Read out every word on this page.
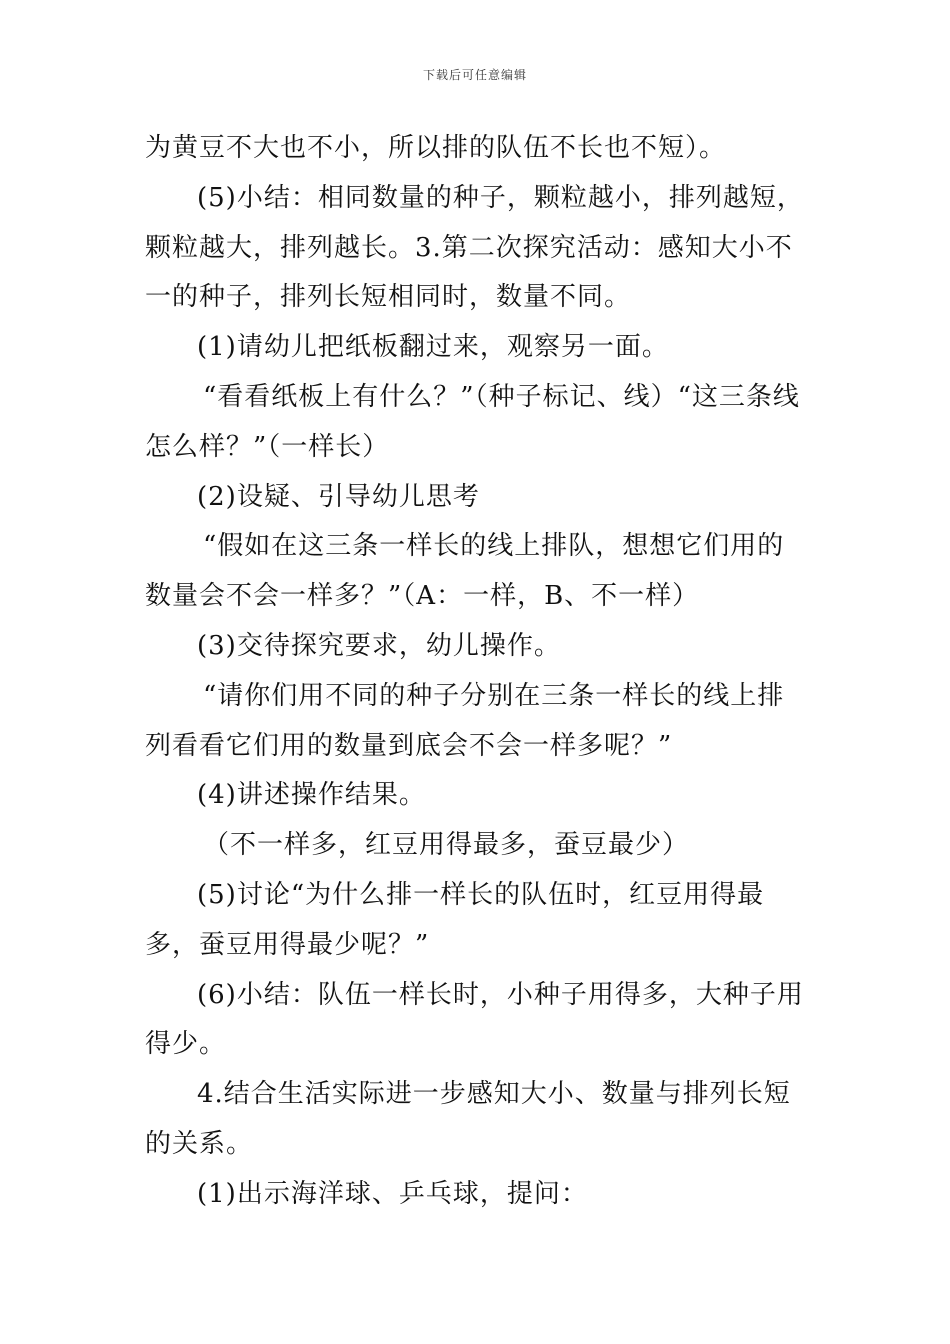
下载后可任意编辑

为黄豆不大也不小，所以排的队伍不长也不短）。

(5)小结：相同数量的种子，颗粒越小，排列越短，颗粒越大，排列越长。3.第二次探究活动：感知大小不一的种子，排列长短相同时，数量不同。

(1)请幼儿把纸板翻过来，观察另一面。

“看看纸板上有什么？”（种子标记、线）“这三条线怎么样？”（一样长）

(2)设疑、引导幼儿思考

“假如在这三条一样长的线上排队，想想它们用的数量会不会一样多？”（A：一样，B、不一样）

(3)交待探究要求，幼儿操作。

“请你们用不同的种子分别在三条一样长的线上排列看看它们用的数量到底会不会一样多呢？”

(4)讲述操作结果。

（不一样多，红豆用得最多，蚕豆最少）

(5)讨论“为什么排一样长的队伍时，红豆用得最多，蚕豆用得最少呢？”

(6)小结：队伍一样长时，小种子用得多，大种子用得少。

4.结合生活实际进一步感知大小、数量与排列长短的关系。

(1)出示海洋球、乒乓球，提问：
